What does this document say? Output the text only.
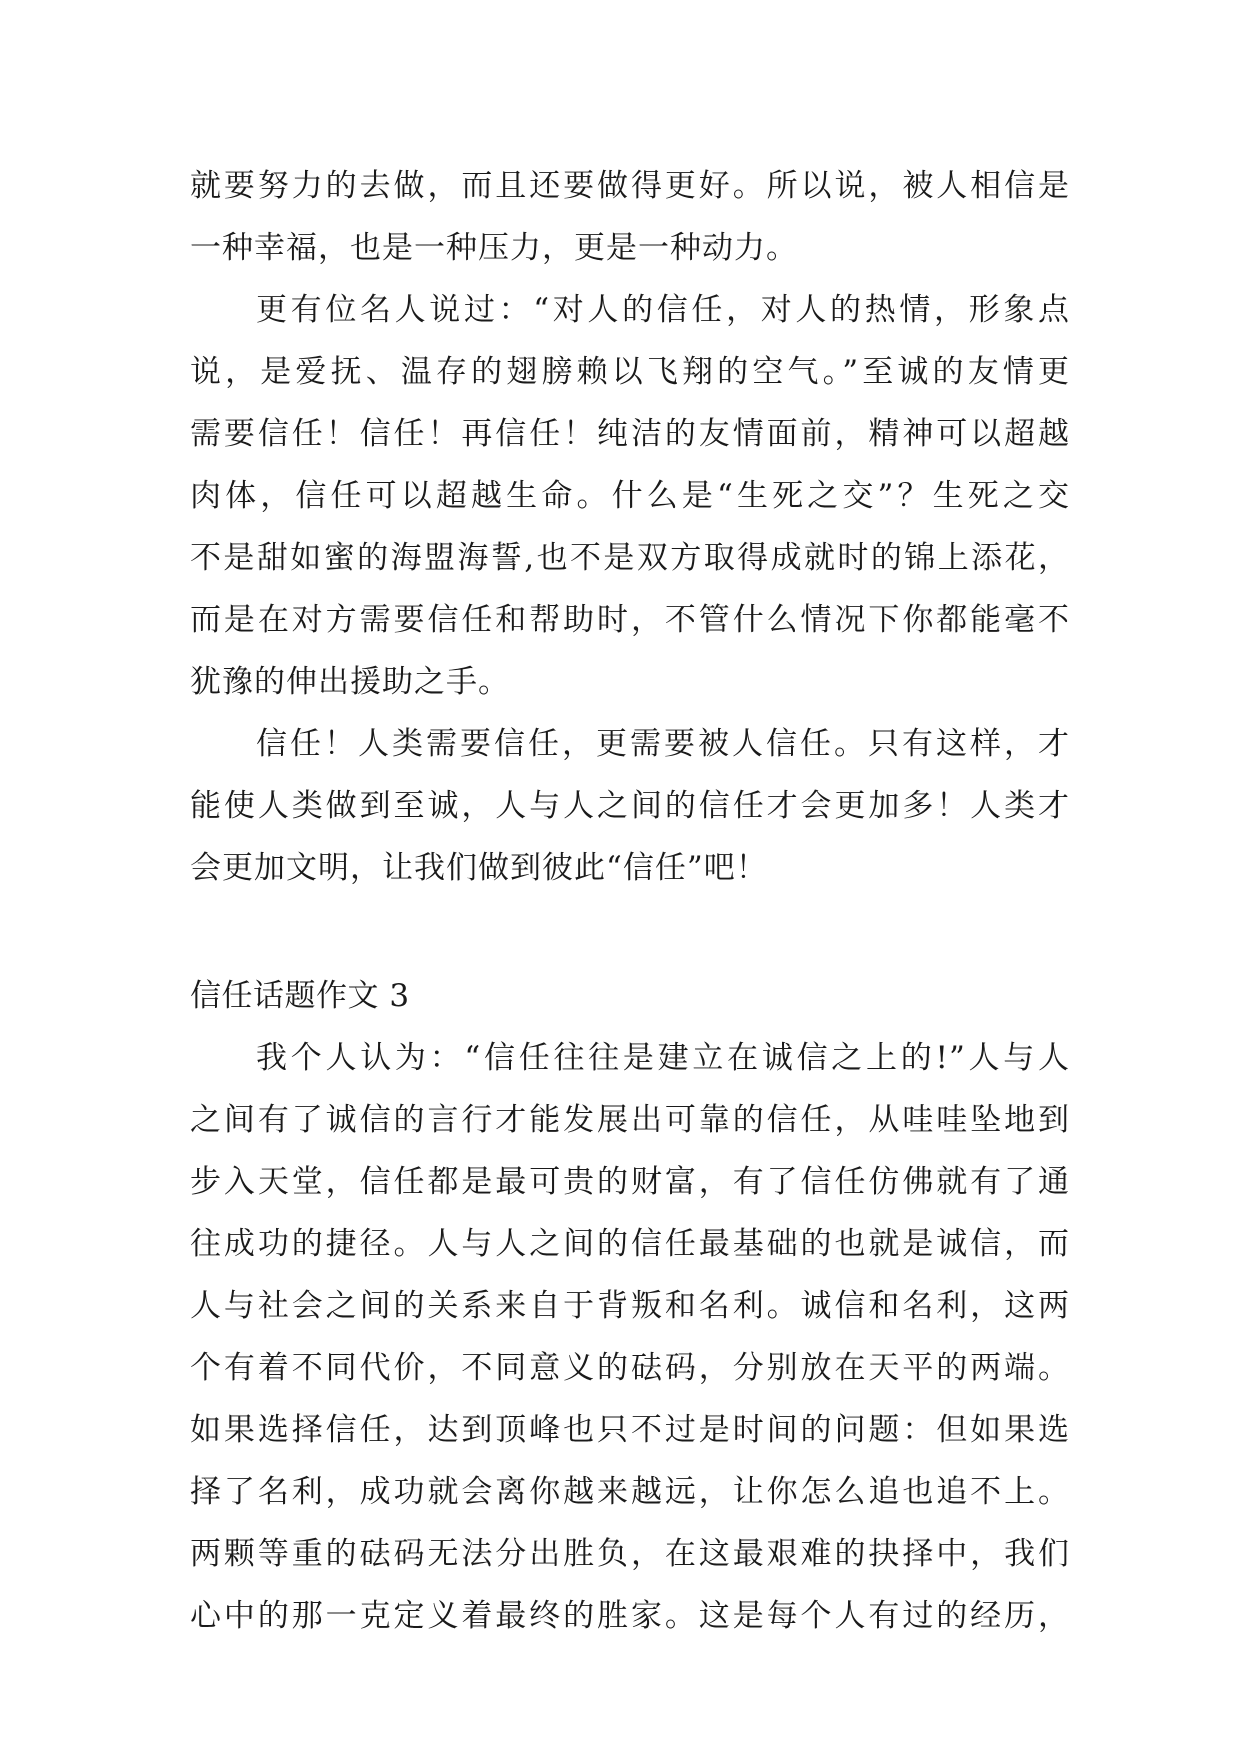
就要努力的去做，而且还要做得更好。所以说，被人相信是
一种幸福，也是一种压力，更是一种动力。
更有位名人说过：“对人的信任，对人的热情，形象点
说，是爱抚、温存的翅膀赖以飞翔的空气。”至诚的友情更
需要信任！信任！再信任！纯洁的友情面前，精神可以超越
肉体，信任可以超越生命。什么是“生死之交”？生死之交
不是甜如蜜的海盟海誓,也不是双方取得成就时的锦上添花，
而是在对方需要信任和帮助时，不管什么情况下你都能毫不
犹豫的伸出援助之手。
信任！人类需要信任，更需要被人信任。只有这样，才
能使人类做到至诚，人与人之间的信任才会更加多！人类才
会更加文明，让我们做到彼此“信任”吧！
信任话题作文 3
我个人认为：“信任往往是建立在诚信之上的!”人与人
之间有了诚信的言行才能发展出可靠的信任，从哇哇坠地到
步入天堂，信任都是最可贵的财富，有了信任仿佛就有了通
往成功的捷径。人与人之间的信任最基础的也就是诚信，而
人与社会之间的关系来自于背叛和名利。诚信和名利，这两
个有着不同代价，不同意义的砝码，分别放在天平的两端。
如果选择信任，达到顶峰也只不过是时间的问题：但如果选
择了名利，成功就会离你越来越远，让你怎么追也追不上。
两颗等重的砝码无法分出胜负，在这最艰难的抉择中，我们
心中的那一克定义着最终的胜家。这是每个人有过的经历，
